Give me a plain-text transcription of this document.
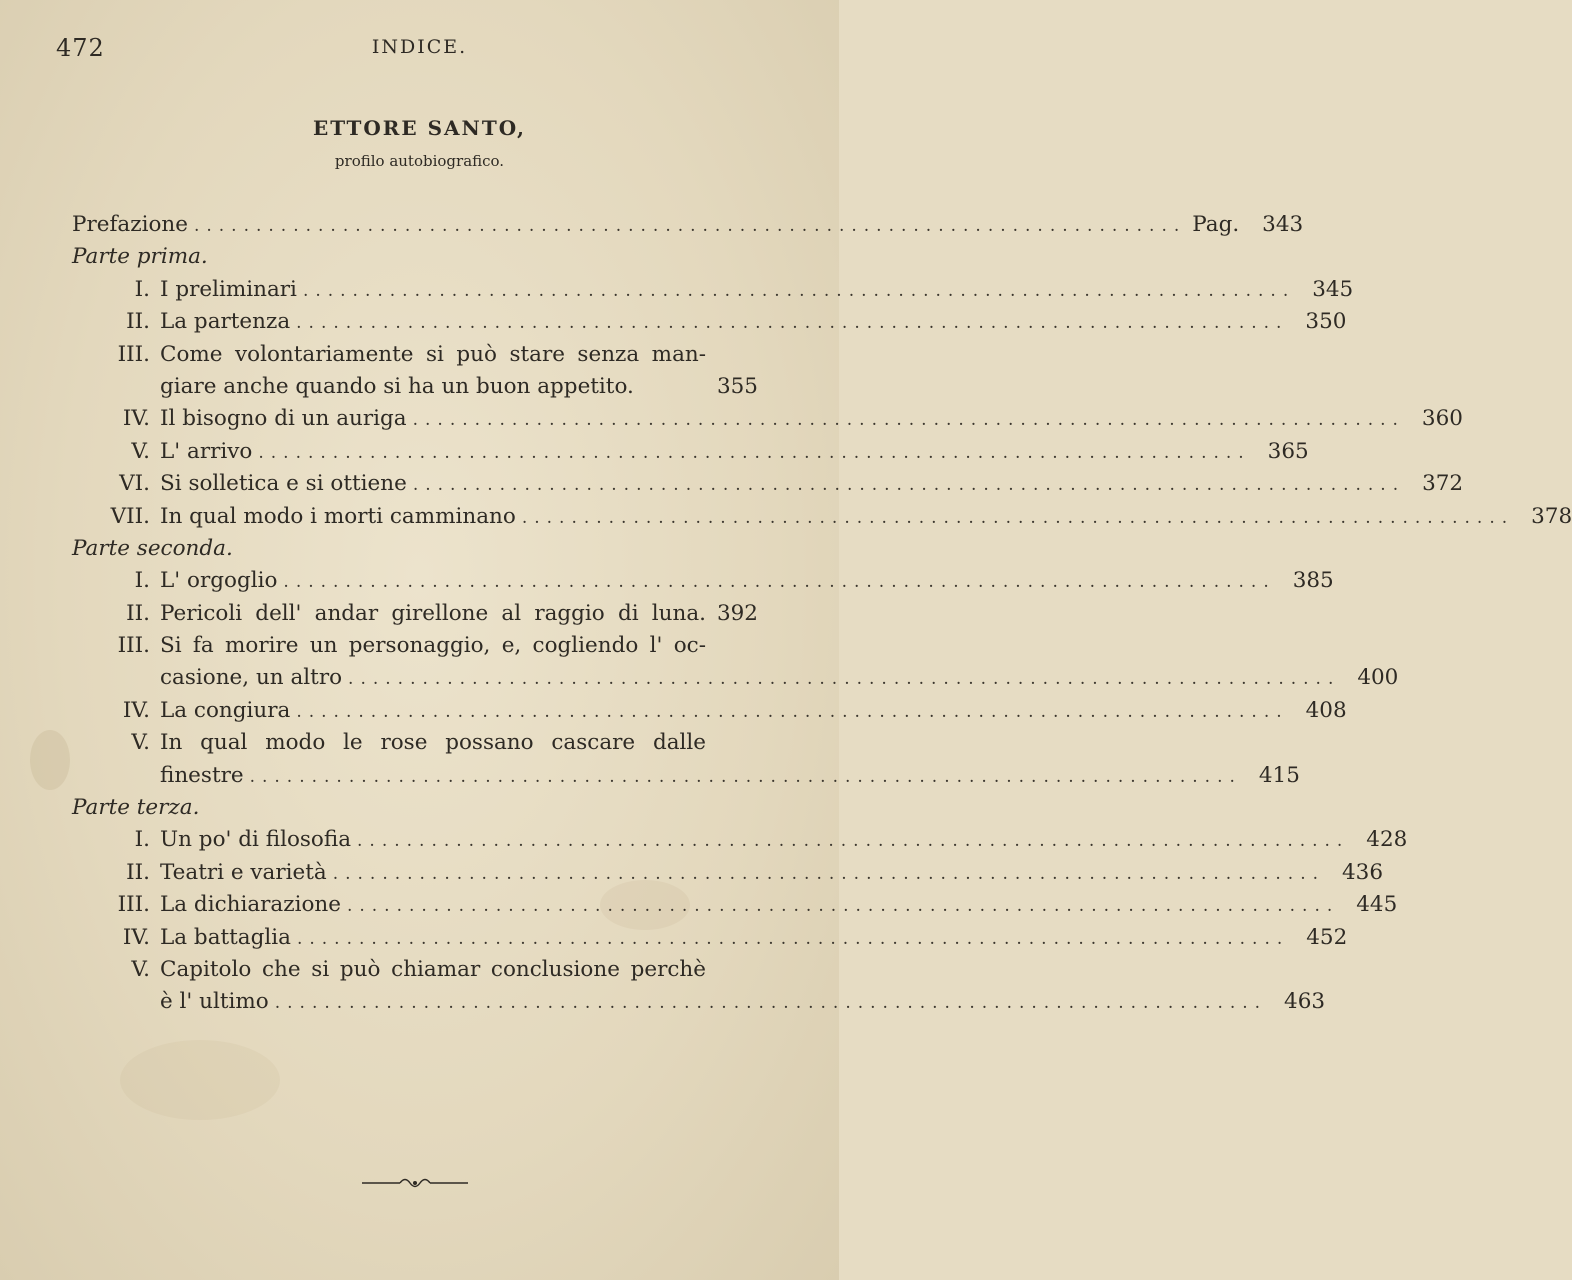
472	INDICE.
ETTORE SANTO,
profilo autobiografico.
Prefazione ................................................................................ Pag.	343
Parte prima.
I. I preliminari ................................................................................ 345
II. La partenza ................................................................................ 350
III. Come volontariamente si può stare senza man-
giare anche quando si ha un buon appetito.	355
IV. Il bisogno di un auriga ................................................................................ 360
V. L' arrivo ................................................................................ 365
VI. Si solletica e si ottiene ................................................................................ 372
VII. In qual modo i morti camminano ................................................................................ 378
Parte seconda.
I. L' orgoglio ................................................................................ 385
II. Pericoli dell' andar girellone al raggio di luna. 392
III. Si fa morire un personaggio, e, cogliendo l' oc-
casione, un altro ................................................................................ 400
IV. La congiura ................................................................................ 408
V. In qual modo le rose possano cascare dalle
finestre ................................................................................ 415
Parte terza.
I. Un po' di filosofia ................................................................................ 428
II. Teatri e varietà ................................................................................ 436
III. La dichiarazione ................................................................................ 445
IV. La battaglia ................................................................................ 452
V. Capitolo che si può chiamar conclusione perchè
è l' ultimo ................................................................................ 463
